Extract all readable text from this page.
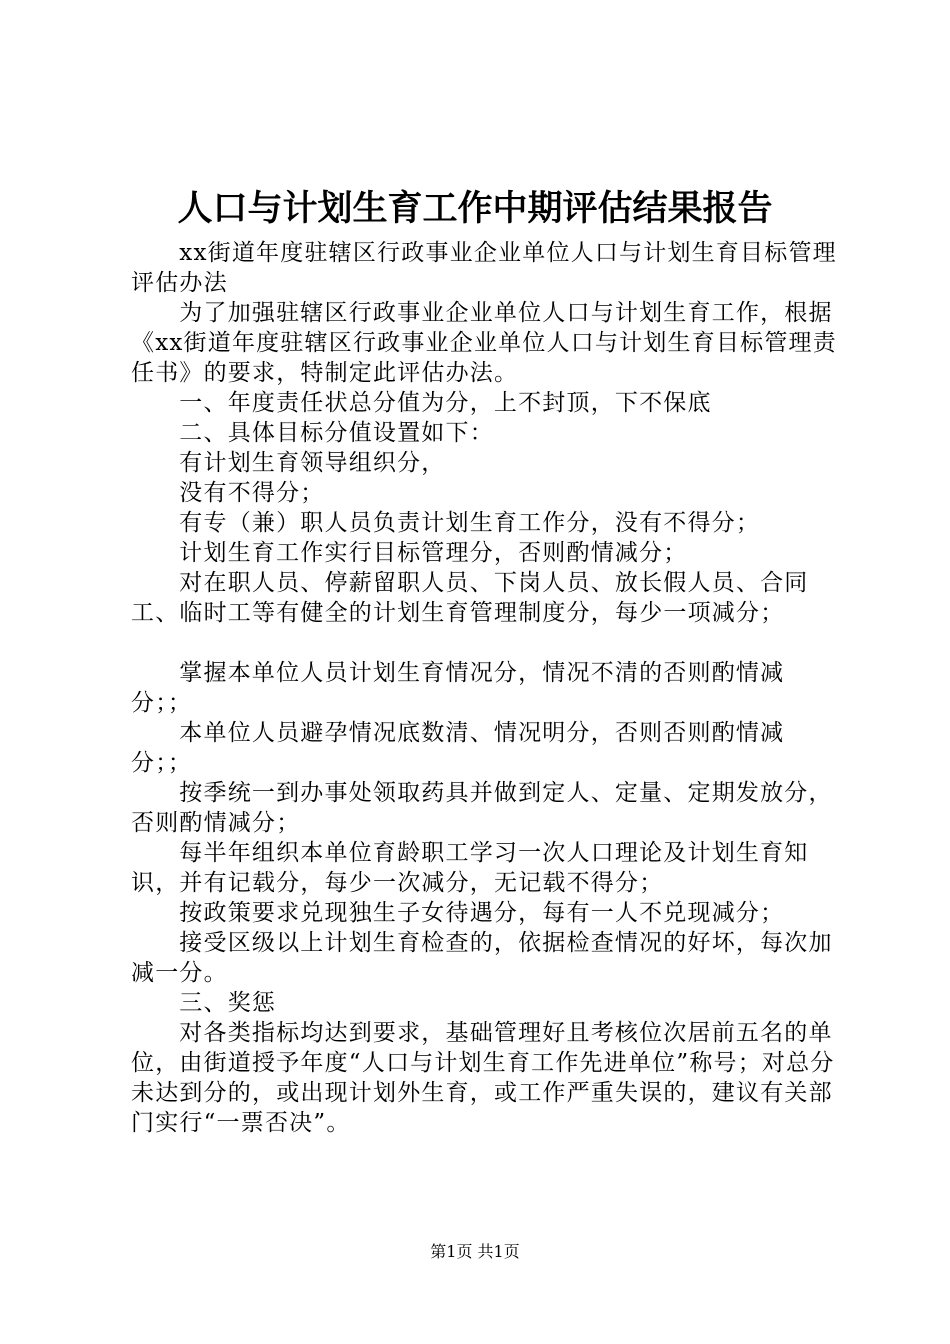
人口与计划生育工作中期评估结果报告

xx街道年度驻辖区行政事业企业单位人口与计划生育目标管理评估办法

为了加强驻辖区行政事业企业单位人口与计划生育工作，根据《xx街道年度驻辖区行政事业企业单位人口与计划生育目标管理责任书》的要求，特制定此评估办法。

一、年度责任状总分值为分，上不封顶，下不保底

二、具体目标分值设置如下：

有计划生育领导组织分，

没有不得分；

有专（兼）职人员负责计划生育工作分，没有不得分；

计划生育工作实行目标管理分，否则酌情减分；

对在职人员、停薪留职人员、下岗人员、放长假人员、合同工、临时工等有健全的计划生育管理制度分，每少一项减分；

掌握本单位人员计划生育情况分，情况不清的否则酌情减分；；

本单位人员避孕情况底数清、情况明分，否则否则酌情减分；；

按季统一到办事处领取药具并做到定人、定量、定期发放分，否则酌情减分；

每半年组织本单位育龄职工学习一次人口理论及计划生育知识，并有记载分，每少一次减分，无记载不得分；

按政策要求兑现独生子女待遇分，每有一人不兑现减分；

接受区级以上计划生育检查的，依据检查情况的好坏，每次加减一分。

三、奖惩

对各类指标均达到要求，基础管理好且考核位次居前五名的单位，由街道授予年度“人口与计划生育工作先进单位”称号；对总分未达到分的，或出现计划外生育，或工作严重失误的，建议有关部门实行“一票否决”。

第1页 共1页
